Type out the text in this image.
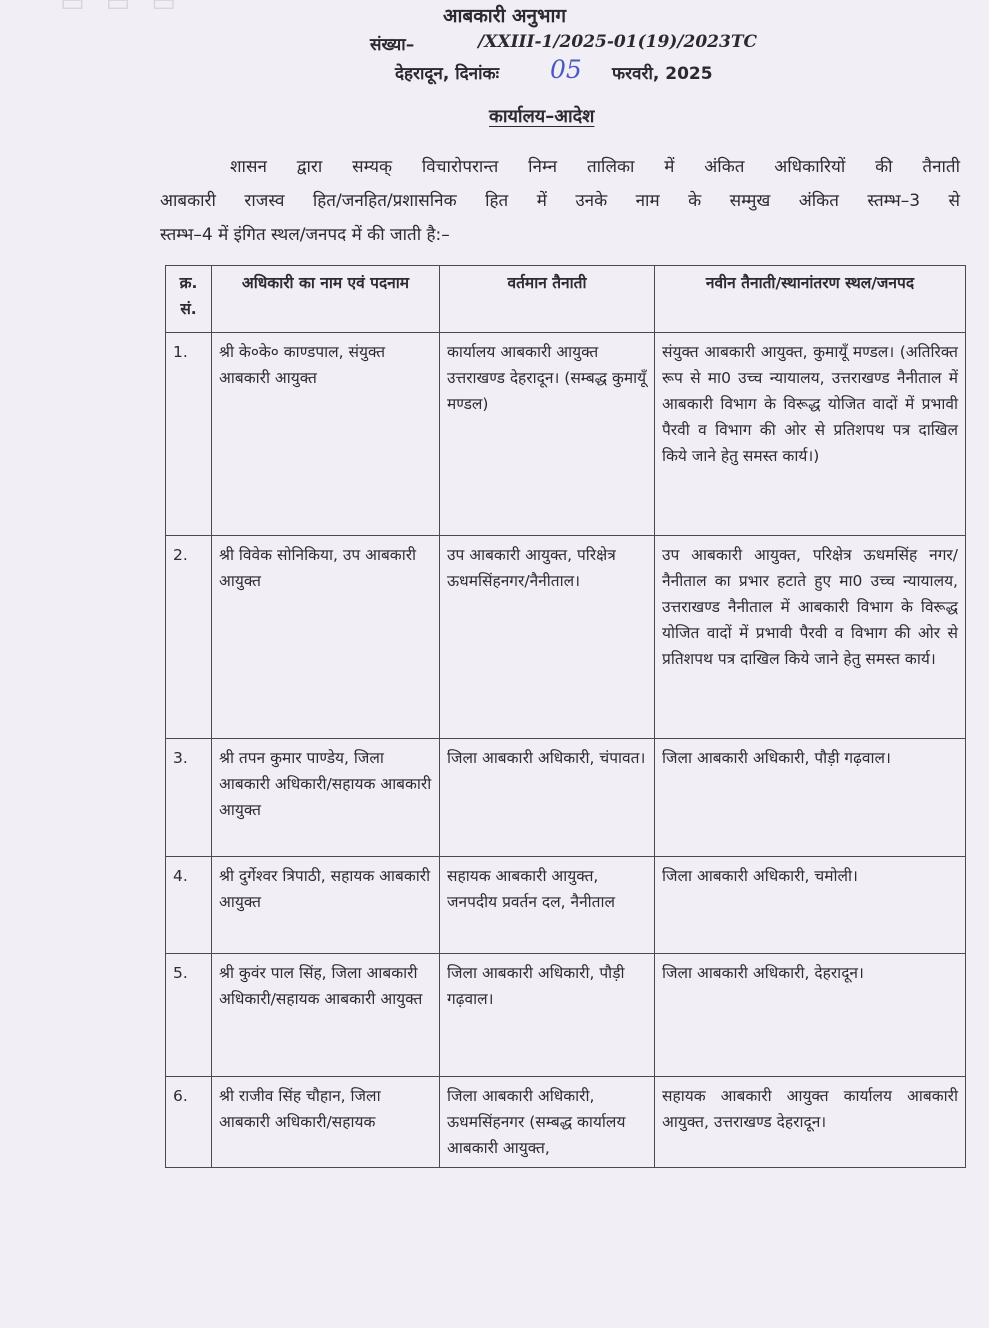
▭ ▭ ▭	आबकारी अनुभाग
संख्या–	/XXIII-1/2025-01(19)/2023TC
देहरादून, दिनांकः 05 फरवरी, 2025
कार्यालय–आदेश
शासन द्वारा सम्यक् विचारोपरान्त निम्न तालिका में अंकित अधिकारियों की तैनाती
आबकारी राजस्व हित/जनहित/प्रशासनिक हित में उनके नाम के सम्मुख अंकित स्तम्भ–3 से
स्तम्भ–4 में इंगित स्थल/जनपद में की जाती है:–
क्र. सं.	अधिकारी का नाम एवं पदनाम	वर्तमान तैनाती	नवीन तैनाती/स्थानांतरण स्थल/जनपद
1.	श्री के०के० काण्डपाल, संयुक्त आबकारी आयुक्त	कार्यालय आबकारी आयुक्त उत्तराखण्ड देहरादून। (सम्बद्ध कुमायूँ मण्डल)	संयुक्त आबकारी आयुक्त, कुमायूँ मण्डल। (अतिरिक्त रूप से मा0 उच्च न्यायालय, उत्तराखण्ड नैनीताल में आबकारी विभाग के विरूद्ध योजित वादों में प्रभावी पैरवी व विभाग की ओर से प्रतिशपथ पत्र दाखिल किये जाने हेतु समस्त कार्य।)
2.	श्री विवेक सोनिकिया, उप आबकारी आयुक्त	उप आबकारी आयुक्त, परिक्षेत्र ऊधमसिंहनगर/नैनीताल।	उप आबकारी आयुक्त, परिक्षेत्र ऊधमसिंह नगर/नैनीताल का प्रभार हटाते हुए मा0 उच्च न्यायालय, उत्तराखण्ड नैनीताल में आबकारी विभाग के विरूद्ध योजित वादों में प्रभावी पैरवी व विभाग की ओर से प्रतिशपथ पत्र दाखिल किये जाने हेतु समस्त कार्य।
3.	श्री तपन कुमार पाण्डेय, जिला आबकारी अधिकारी/सहायक आबकारी आयुक्त	जिला आबकारी अधिकारी, चंपावत।	जिला आबकारी अधिकारी, पौड़ी गढ़वाल।
4.	श्री दुर्गेश्वर त्रिपाठी, सहायक आबकारी आयुक्त	सहायक आबकारी आयुक्त, जनपदीय प्रवर्तन दल, नैनीताल	जिला आबकारी अधिकारी, चमोली।
5.	श्री कुवंर पाल सिंह, जिला आबकारी अधिकारी/सहायक आबकारी आयुक्त	जिला आबकारी अधिकारी, पौड़ी गढ़वाल।	जिला आबकारी अधिकारी, देहरादून।
6.	श्री राजीव सिंह चौहान, जिला आबकारी अधिकारी/सहायक	जिला आबकारी अधिकारी, ऊधमसिंहनगर (सम्बद्ध कार्यालय आबकारी आयुक्त,	सहायक आबकारी आयुक्त कार्यालय आबकारी आयुक्त, उत्तराखण्ड देहरादून।
